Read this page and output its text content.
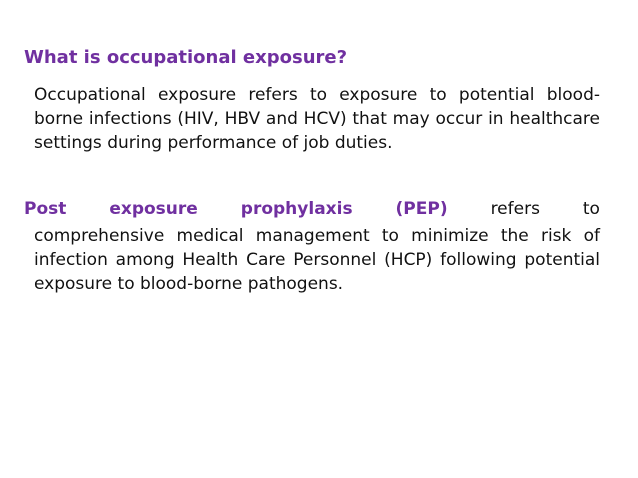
What is occupational exposure?
Occupational exposure refers to exposure to potential blood-borne infections (HIV, HBV and HCV) that may occur in healthcare settings during performance of job duties.
Post	exposure	prophylaxis	(PEP)	refers	to
comprehensive medical management to minimize the risk of infection among Health Care Personnel (HCP) following potential exposure to blood-borne pathogens.
